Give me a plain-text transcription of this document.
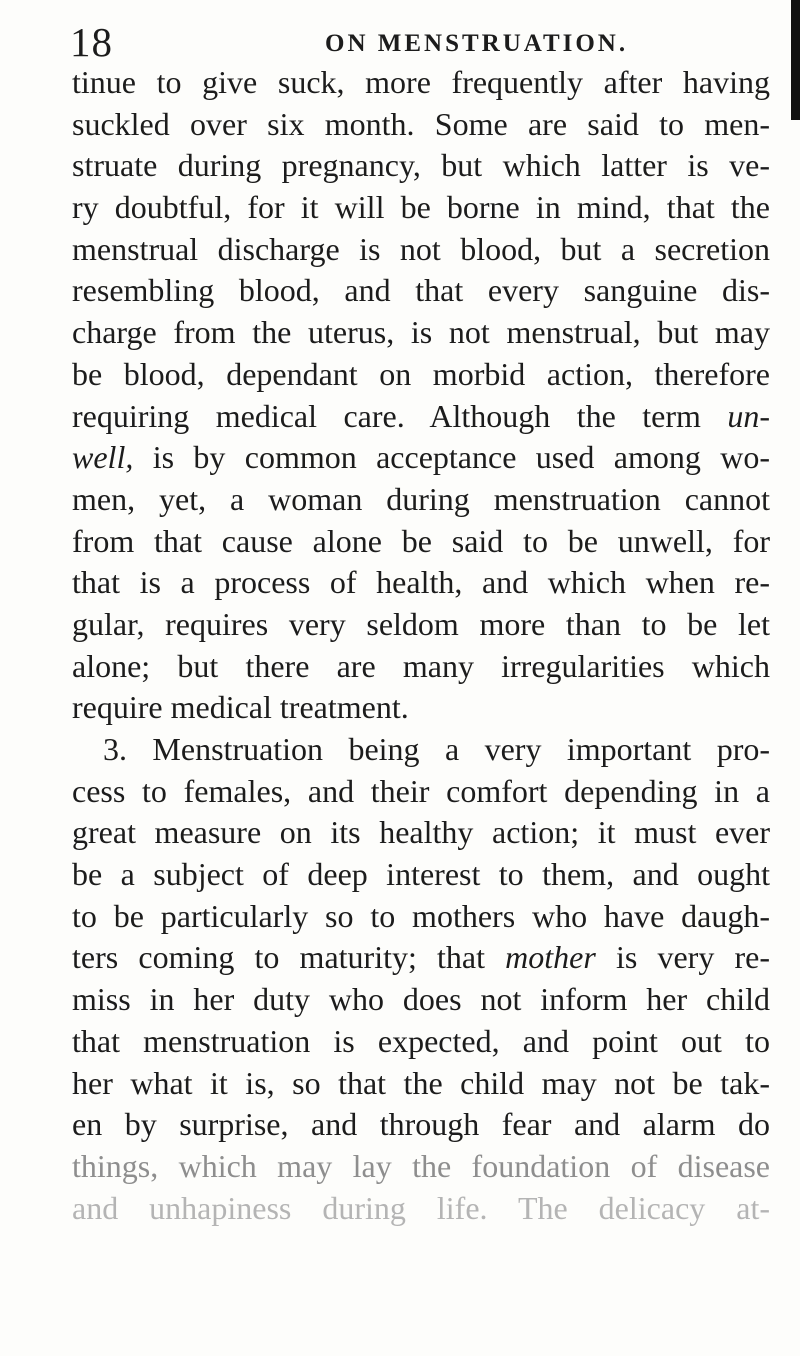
18	ON MENSTRUATION.
tinue to give suck, more frequently after having
suckled over six month. Some are said to men-
struate during pregnancy, but which latter is ve-
ry doubtful, for it will be borne in mind, that the
menstrual discharge is not blood, but a secretion
resembling blood, and that every sanguine dis-
charge from the uterus, is not menstrual, but may
be blood, dependant on morbid action, therefore
requiring medical care. Although the term un-
well, is by common acceptance used among wo-
men, yet, a woman during menstruation cannot
from that cause alone be said to be unwell, for
that is a process of health, and which when re-
gular, requires very seldom more than to be let
alone; but there are many irregularities which
require medical treatment.
3. Menstruation being a very important pro-
cess to females, and their comfort depending in a
great measure on its healthy action; it must ever
be a subject of deep interest to them, and ought
to be particularly so to mothers who have daugh-
ters coming to maturity; that mother is very re-
miss in her duty who does not inform her child
that menstruation is expected, and point out to
her what it is, so that the child may not be tak-
en by surprise, and through fear and alarm do
things, which may lay the foundation of disease
and unhapiness during life. The delicacy at-
